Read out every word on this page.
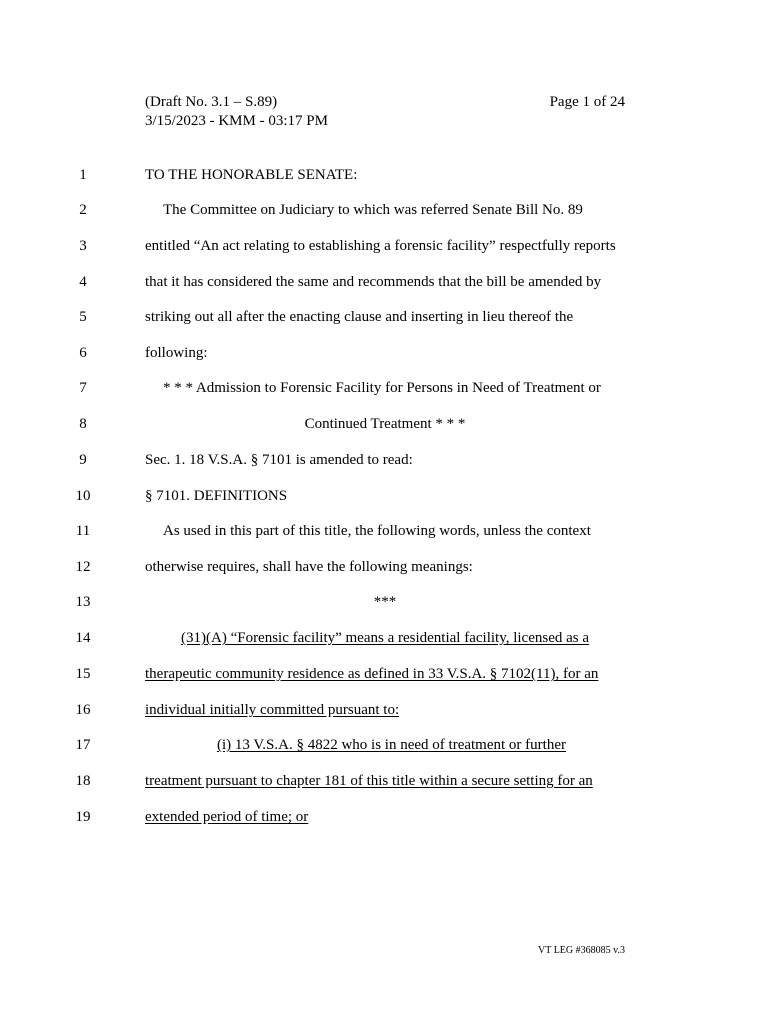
(Draft No. 3.1 – S.89)
3/15/2023 - KMM - 03:17 PM
Page 1 of 24
1	TO THE HONORABLE SENATE:
2	The Committee on Judiciary to which was referred Senate Bill No. 89
3	entitled “An act relating to establishing a forensic facility” respectfully reports
4	that it has considered the same and recommends that the bill be amended by
5	striking out all after the enacting clause and inserting in lieu thereof the
6	following:
7	* * * Admission to Forensic Facility for Persons in Need of Treatment or
8	Continued Treatment * * *
9	Sec. 1. 18 V.S.A. § 7101 is amended to read:
10	§ 7101. DEFINITIONS
11	As used in this part of this title, the following words, unless the context
12	otherwise requires, shall have the following meanings:
13	***
14	(31)(A) “Forensic facility” means a residential facility, licensed as a
15	therapeutic community residence as defined in 33 V.S.A. § 7102(11), for an
16	individual initially committed pursuant to:
17	(i) 13 V.S.A. § 4822 who is in need of treatment or further
18	treatment pursuant to chapter 181 of this title within a secure setting for an
19	extended period of time; or
VT LEG #368085 v.3
